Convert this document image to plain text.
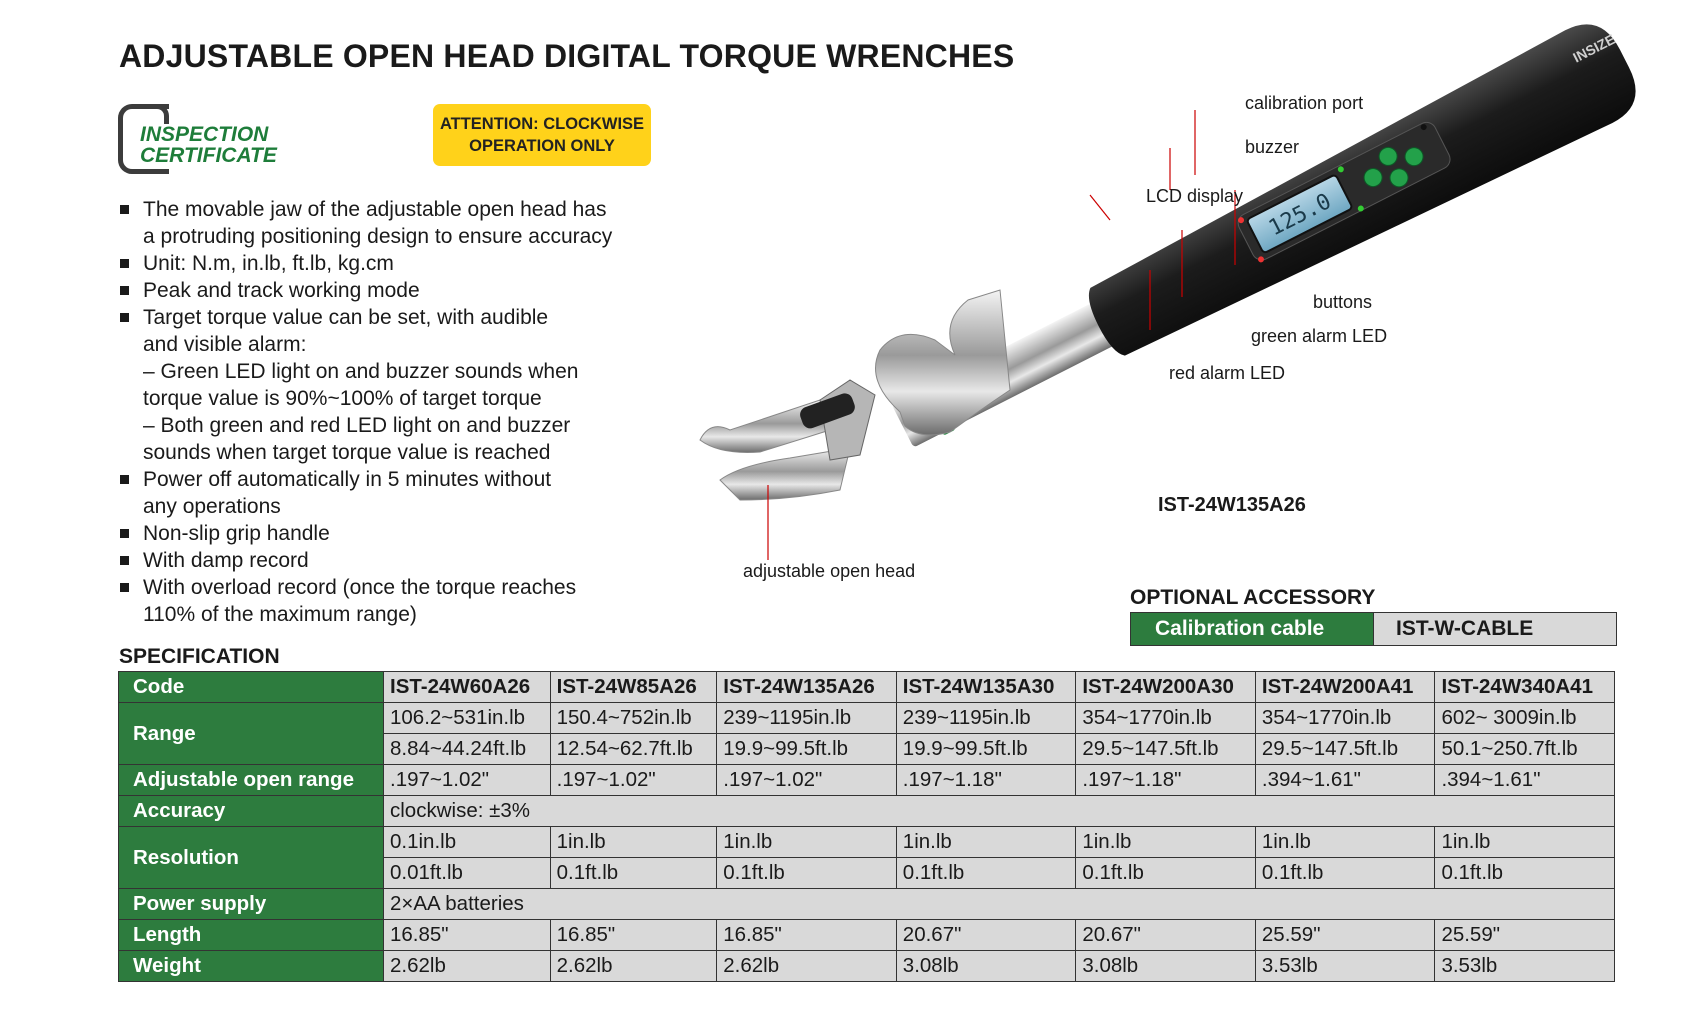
ADJUSTABLE OPEN HEAD DIGITAL TORQUE WRENCHES
INSPECTION
CERTIFICATE
ATTENTION: CLOCKWISE
OPERATION ONLY
The movable jaw of the adjustable open head has
a protruding positioning design to ensure accuracy
Unit: N.m, in.lb, ft.lb, kg.cm
Peak and track working mode
Target torque value can be set, with audible
and visible alarm:
– Green LED light on and buzzer sounds when
torque value is 90%~100% of target torque
– Both green and red LED light on and buzzer
sounds when target torque value is reached
Power off automatically in 5 minutes without
any operations
Non-slip grip handle
With damp record
With overload record (once the torque reaches
110% of the maximum range)
125.0
INSIZE
calibration port
buzzer
LCD display
buttons
green alarm LED
red alarm LED
adjustable open head
IST-24W135A26
OPTIONAL ACCESSORY
Calibration cable	IST-W-CABLE
SPECIFICATION
Code	IST-24W60A26	IST-24W85A26	IST-24W135A26	IST-24W135A30	IST-24W200A30	IST-24W200A41	IST-24W340A41
Range	106.2~531in.lb	150.4~752in.lb	239~1195in.lb	239~1195in.lb	354~1770in.lb	354~1770in.lb	602~ 3009in.lb
	8.84~44.24ft.lb	12.54~62.7ft.lb	19.9~99.5ft.lb	19.9~99.5ft.lb	29.5~147.5ft.lb	29.5~147.5ft.lb	50.1~250.7ft.lb
Adjustable open range	.197~1.02"	.197~1.02"	.197~1.02"	.197~1.18"	.197~1.18"	.394~1.61"	.394~1.61"
Accuracy	clockwise: ±3%						
Resolution	0.1in.lb	1in.lb	1in.lb	1in.lb	1in.lb	1in.lb	1in.lb
	0.01ft.lb	0.1ft.lb	0.1ft.lb	0.1ft.lb	0.1ft.lb	0.1ft.lb	0.1ft.lb
Power supply	2×AA batteries						
Length	16.85"	16.85"	16.85"	20.67"	20.67"	25.59"	25.59"
Weight	2.62lb	2.62lb	2.62lb	3.08lb	3.08lb	3.53lb	3.53lb
